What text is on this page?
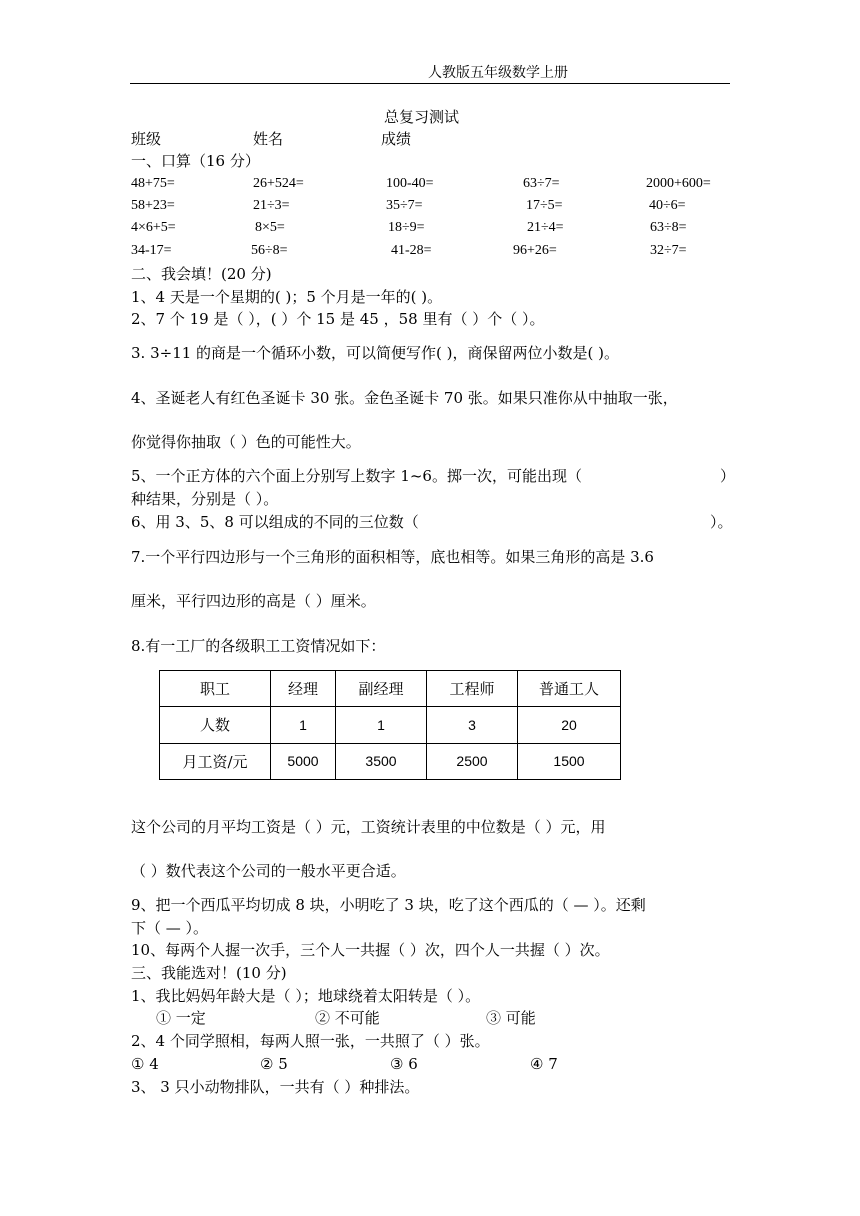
人教版五年级数学上册
总复习测试
班级	姓名	成绩
一、口算（16 分）
48+75=	26+524=	100-40=	63÷7=	2000+600=
58+23=	21÷3=	35÷7=	17÷5=	40÷6=
4×6+5=	8×5=	18÷9=	21÷4=	63÷8=
34-17=	56÷8=	41-28=	96+26=	32÷7=
二、我会填！(20 分)
1、4 天是一个星期的( )；5 个月是一年的( )。
2、7 个 19 是（ ），( ）个 15 是 45 ，58 里有（ ）个（ ）。
3. 3÷11 的商是一个循环小数，可以简便写作( )，商保留两位小数是( )。
4、圣诞老人有红色圣诞卡 30 张。金色圣诞卡 70 张。如果只准你从中抽取一张，
你觉得你抽取（ ）色的可能性大。
5、一个正方体的六个面上分别写上数字 1~6。掷一次，可能出现（	）
种结果，分别是（ ）。
6、用 3、5、8 可以组成的不同的三位数（	）。
7.一个平行四边形与一个三角形的面积相等，底也相等。如果三角形的高是 3.6
厘米，平行四边形的高是（ ）厘米。
8.有一工厂的各级职工工资情况如下：
职工	经理	副经理	工程师	普通工人
人数	1	1	3	20
月工资/元	5000	3500	2500	1500
这个公司的月平均工资是（ ）元，工资统计表里的中位数是（ ）元，用
（ ）数代表这个公司的一般水平更合适。
9、把一个西瓜平均切成 8 块，小明吃了 3 块，吃了这个西瓜的（ — ）。还剩
下（ — ）。
10、每两个人握一次手，三个人一共握（ ）次，四个人一共握（ ）次。
三、我能选对！(10 分)
1、我比妈妈年龄大是（ ）；地球绕着太阳转是（ ）。
① 一定	② 不可能	③ 可能
2、4 个同学照相，每两人照一张，一共照了（ ）张。
① 4	② 5	③ 6	④ 7
3、 3 只小动物排队，一共有（ ）种排法。
